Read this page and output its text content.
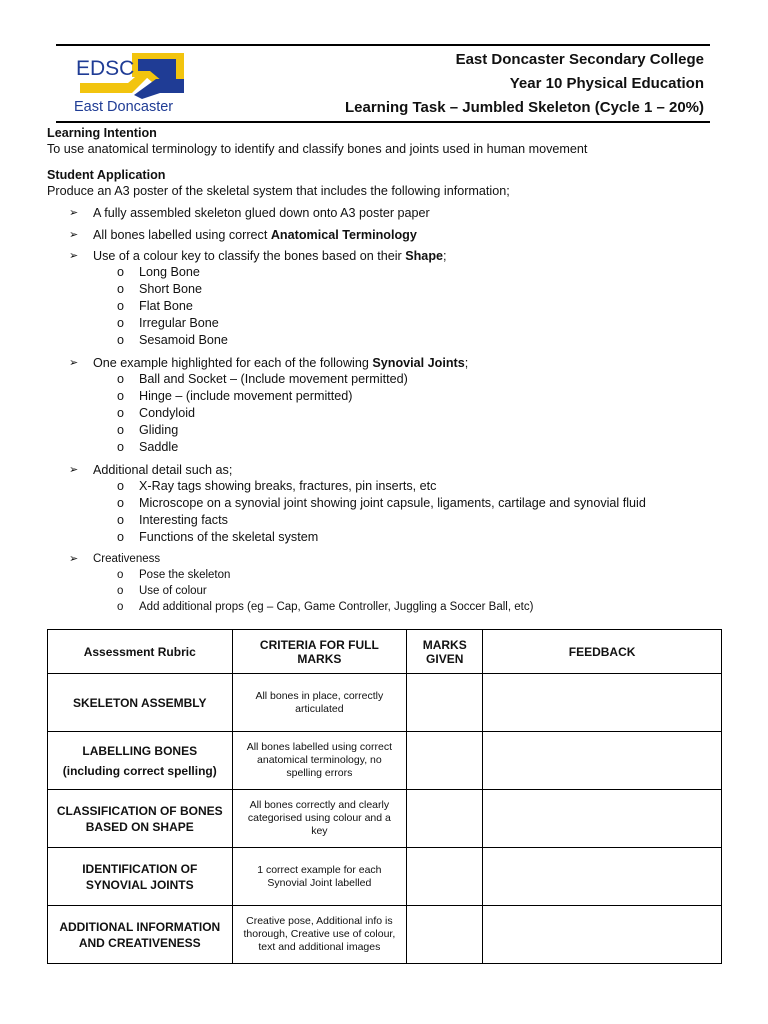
EDSC
East Doncaster
East Doncaster Secondary College
Year 10 Physical Education
Learning Task – Jumbled Skeleton (Cycle 1 – 20%)
Learning Intention
To use anatomical terminology to identify and classify bones and joints used in human movement
Student Application
Produce an A3 poster of the skeletal system that includes the following information;
➢ A fully assembled skeleton glued down onto A3 poster paper
➢ All bones labelled using correct Anatomical Terminology
➢ Use of a colour key to classify the bones based on their Shape;
o Long Bone
o Short Bone
o Flat Bone
o Irregular Bone
o Sesamoid Bone
➢ One example highlighted for each of the following Synovial Joints;
o Ball and Socket – (Include movement permitted)
o Hinge – (include movement permitted)
o Condyloid
o Gliding
o Saddle
➢ Additional detail such as;
o X-Ray tags showing breaks, fractures, pin inserts, etc
o Microscope on a synovial joint showing joint capsule, ligaments, cartilage and synovial fluid
o Interesting facts
o Functions of the skeletal system
➢ Creativeness
o Pose the skeleton
o Use of colour
o Add additional props (eg – Cap, Game Controller, Juggling a Soccer Ball, etc)
Assessment Rubric	CRITERIA FOR FULL MARKS	MARKS GIVEN	FEEDBACK

SKELETON ASSEMBLY	All bones in place, correctly articulated		

LABELLING BONES
(including correct spelling)	All bones labelled using correct anatomical terminology, no spelling errors		

CLASSIFICATION OF BONES BASED ON SHAPE	All bones correctly and clearly categorised using colour and a key		

IDENTIFICATION OF SYNOVIAL JOINTS	1 correct example for each Synovial Joint labelled		

ADDITIONAL INFORMATION AND CREATIVENESS	Creative pose, Additional info is thorough, Creative use of colour, text and additional images		
